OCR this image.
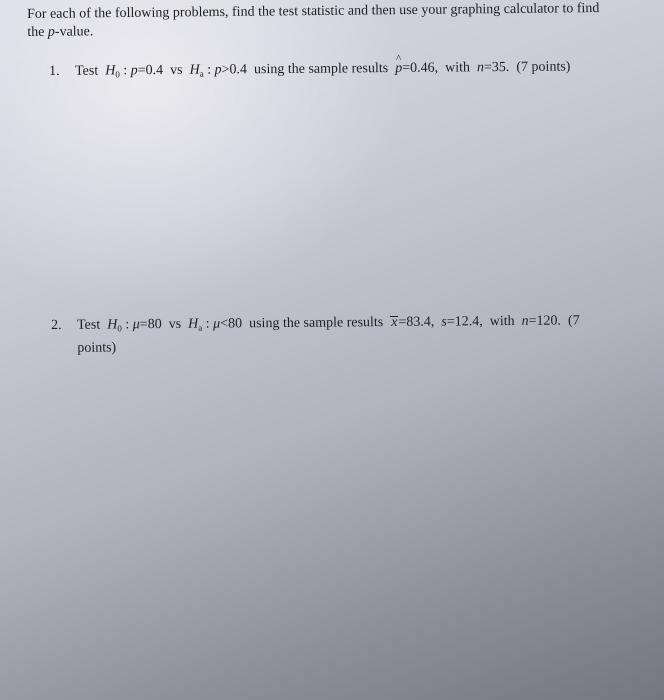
For each of the following problems, find the test statistic and then use your graphing calculator to find
the p-value.
1. Test $H_0$ : p=0.4 vs $H_a$ : p>0.4 using the sample results  ^ p=0.46, with n=35. (7 points)
2. Test $H_0$ : μ=80 vs $H_a$ : μ<80 using the sample results x=83.4, s=12.4, with n=120. (7
points)
